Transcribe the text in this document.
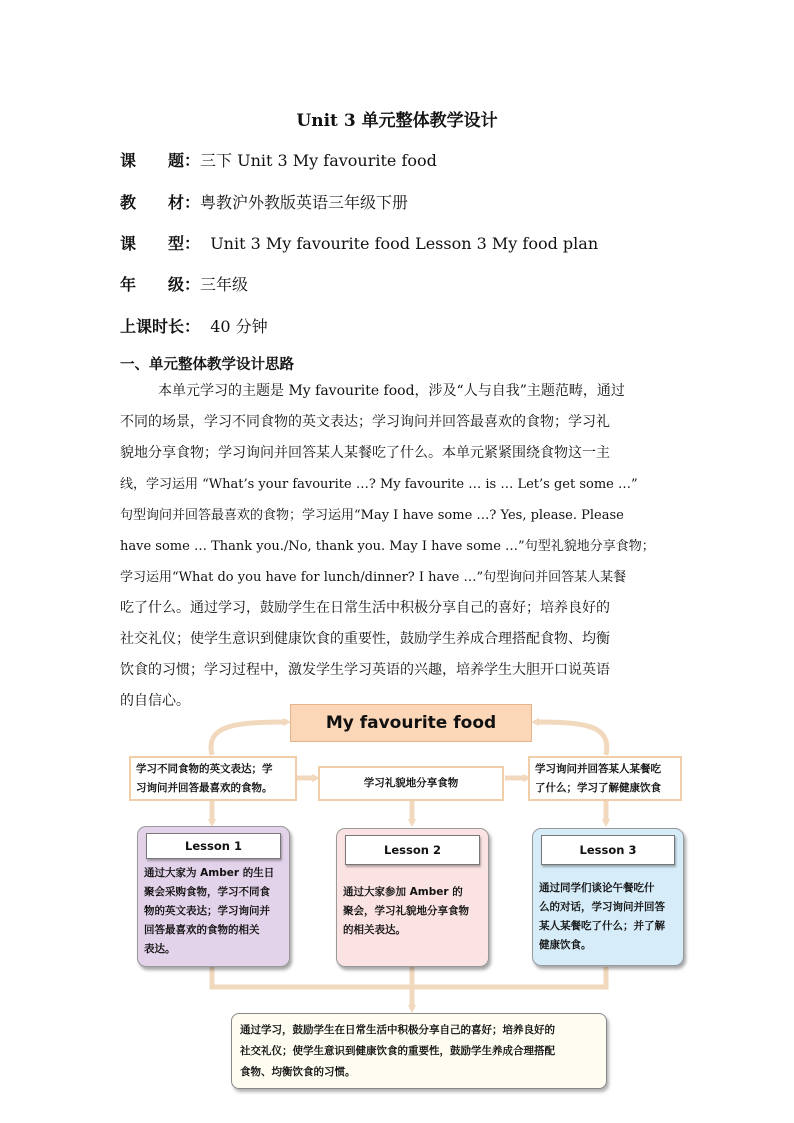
Unit 3 单元整体教学设计
课　　题：三下 Unit 3 My favourite food
教　　材：粤教沪外教版英语三年级下册
课　　型：  Unit 3 My favourite food Lesson 3 My food plan
年　　级：三年级
上课时长：  40 分钟
一、单元整体教学设计思路
本单元学习的主题是 My favourite food，涉及“人与自我”主题范畴，通过
不同的场景，学习不同食物的英文表达；学习询问并回答最喜欢的食物；学习礼
貌地分享食物；学习询问并回答某人某餐吃了什么。本单元紧紧围绕食物这一主
线，学习运用 “What’s your favourite …? My favourite … is … Let’s get some …”
句型询问并回答最喜欢的食物；学习运用“May I have some …? Yes, please. Please
have some … Thank you./No, thank you. May I have some …”句型礼貌地分享食物；
学习运用“What do you have for lunch/dinner? I have …”句型询问并回答某人某餐
吃了什么。通过学习，鼓励学生在日常生活中积极分享自己的喜好；培养良好的
社交礼仪；使学生意识到健康饮食的重要性，鼓励学生养成合理搭配食物、均衡
饮食的习惯；学习过程中，激发学生学习英语的兴趣，培养学生大胆开口说英语
的自信心。
My favourite food
学习不同食物的英文表达；学
习询问并回答最喜欢的食物。	学习礼貌地分享食物
学习询问并回答某人某餐吃
了什么；学习了解健康饮食
Lesson 1
通过大家为 Amber 的生日
聚会采购食物，学习不同食
物的英文表达；学习询问并
回答最喜欢的食物的相关
表达。
Lesson 2
通过大家参加 Amber 的
聚会，学习礼貌地分享食物
的相关表达。
Lesson 3
通过同学们谈论午餐吃什
么的对话，学习询问并回答
某人某餐吃了什么；并了解
健康饮食。
通过学习，鼓励学生在日常生活中积极分享自己的喜好；培养良好的
社交礼仪；使学生意识到健康饮食的重要性，鼓励学生养成合理搭配
食物、均衡饮食的习惯。
